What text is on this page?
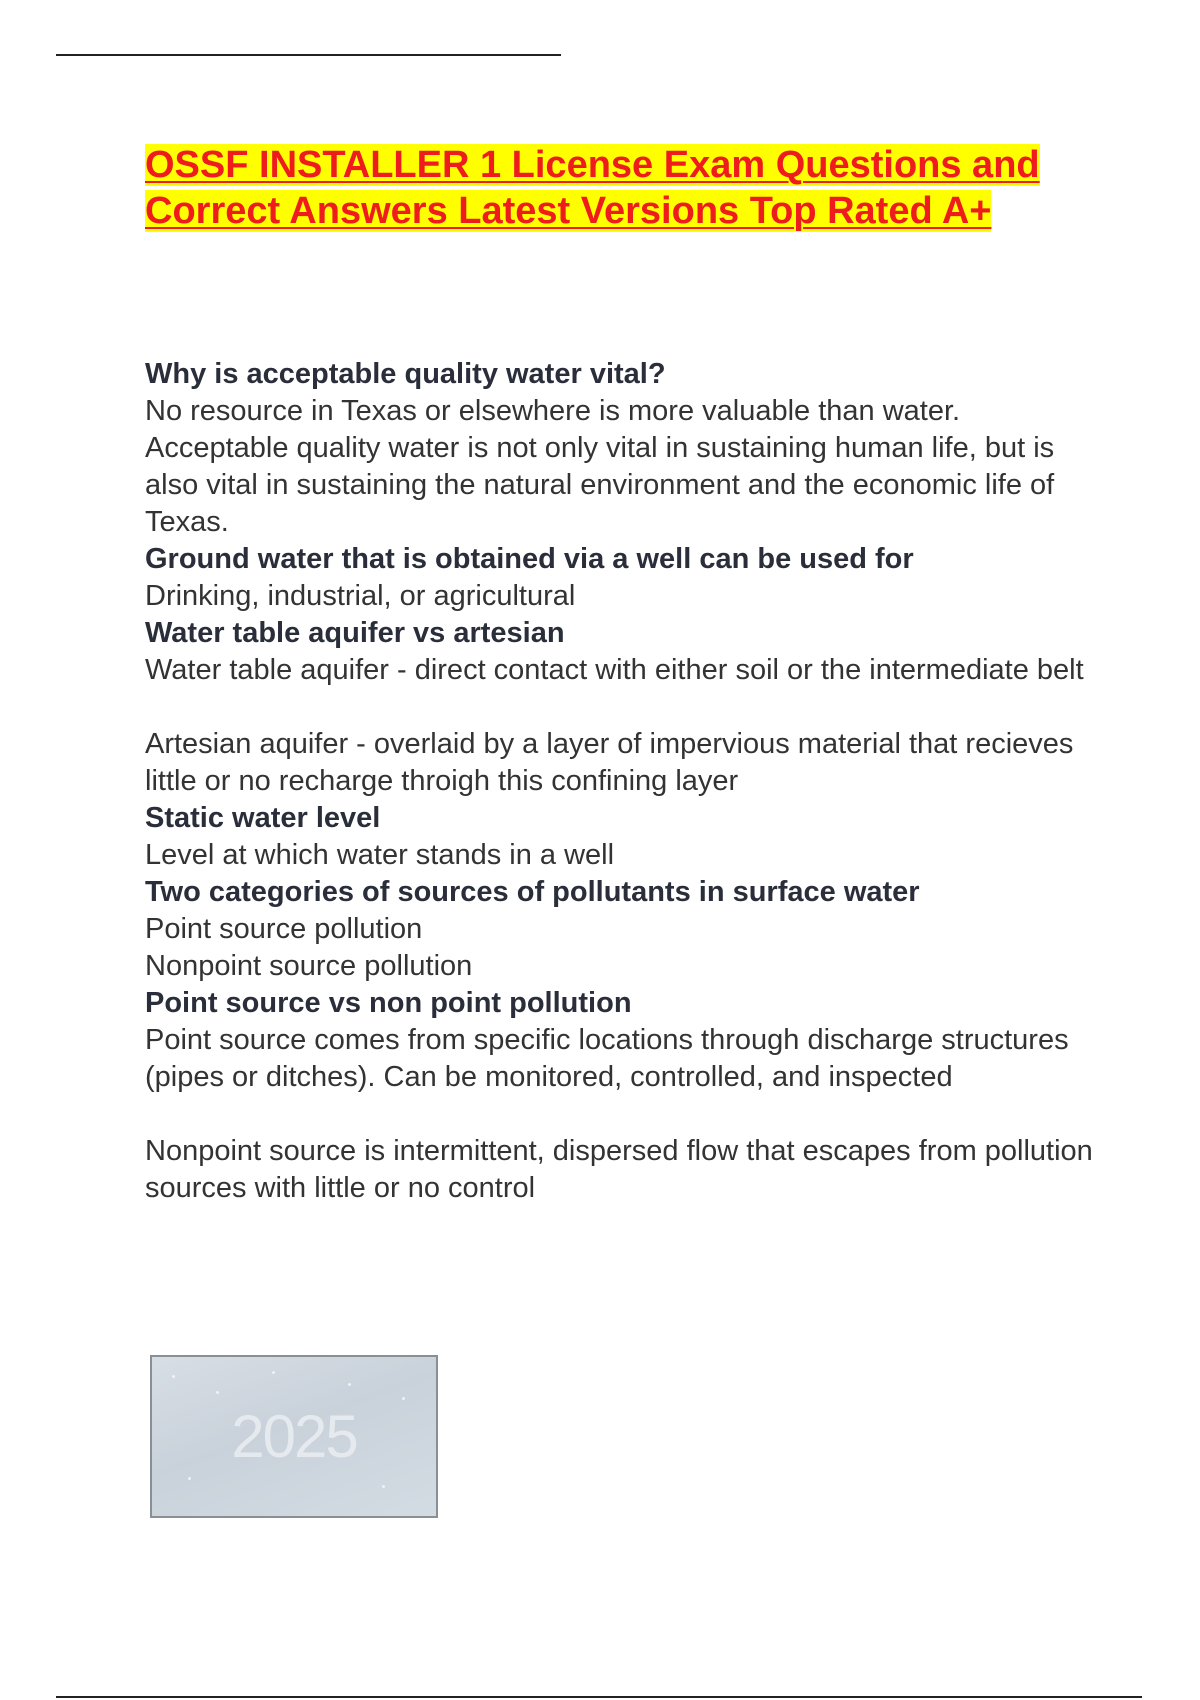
OSSF INSTALLER 1 License Exam Questions and Correct Answers Latest Versions Top Rated A+

Why is acceptable quality water vital?

No resource in Texas or elsewhere is more valuable than water. Acceptable quality water is not only vital in sustaining human life, but is also vital in sustaining the natural environment and the economic life of Texas.

Ground water that is obtained via a well can be used for

Drinking, industrial, or agricultural

Water table aquifer vs artesian

Water table aquifer - direct contact with either soil or the intermediate belt

Artesian aquifer - overlaid by a layer of impervious material that recieves little or no recharge throigh this confining layer

Static water level

Level at which water stands in a well

Two categories of sources of pollutants in surface water

Point source pollution

Nonpoint source pollution

Point source vs non point pollution

Point source comes from specific locations through discharge structures (pipes or ditches). Can be monitored, controlled, and inspected

Nonpoint source is intermittent, dispersed flow that escapes from pollution sources with little or no control

2025
